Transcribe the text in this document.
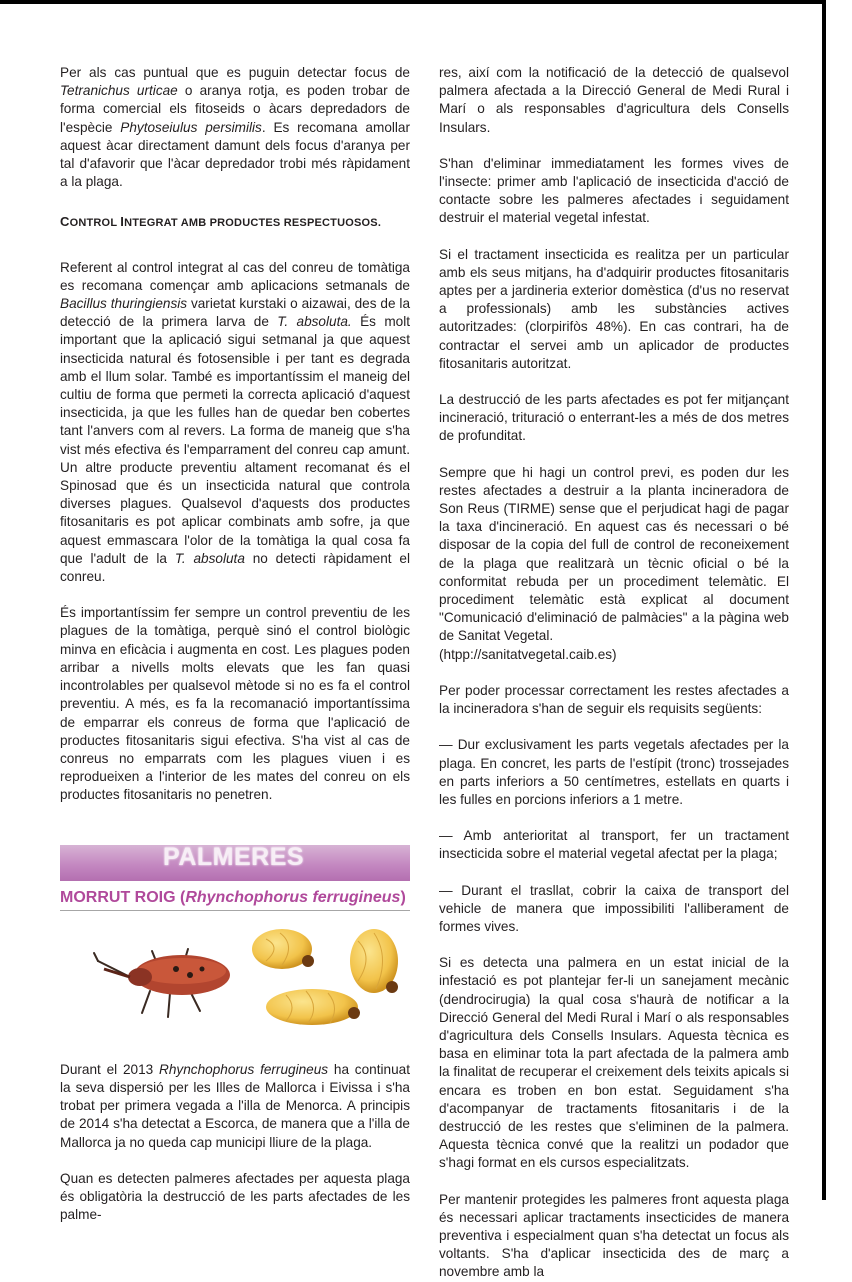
Per als cas puntual que es puguin detectar focus de Tetranichus urticae o aranya rotja, es poden trobar de forma comercial els fitoseids o àcars depredadors de l'espècie Phytoseiulus persimilis. Es recomana amollar aquest àcar directament damunt dels focus d'aranya per tal d'afavorir que l'àcar depredador trobi més ràpidament a la plaga.

CONTROL INTEGRAT AMB PRODUCTES RESPECTUOSOS.

Referent al control integrat al cas del conreu de tomàtiga es recomana començar amb aplicacions setmanals de Bacillus thuringiensis varietat kurstaki o aizawai, des de la detecció de la primera larva de T. absoluta. És molt important que la aplicació sigui setmanal ja que aquest insecticida natural és fotosensible i per tant es degrada amb el llum solar. També es importantíssim el maneig del cultiu de forma que permeti la correcta aplicació d'aquest insecticida, ja que les fulles han de quedar ben cobertes tant l'anvers com al revers. La forma de maneig que s'ha vist més efectiva és l'emparrament del conreu cap amunt. Un altre producte preventiu altament recomanat és el Spinosad que és un insecticida natural que controla diverses plagues. Qualsevol d'aquests dos productes fitosanitaris es pot aplicar combinats amb sofre, ja que aquest emmascara l'olor de la tomàtiga la qual cosa fa que l'adult de la T. absoluta no detecti ràpidament el conreu.

És importantíssim fer sempre un control preventiu de les plagues de la tomàtiga, perquè sinó el control biològic minva en eficàcia i augmenta en cost. Les plagues poden arribar a nivells molts elevats que les fan quasi incontrolables per qualsevol mètode si no es fa el control preventiu. A més, es fa la recomanació importantíssima de emparrar els conreus de forma que l'aplicació de productes fitosanitaris sigui efectiva. S'ha vist al cas de conreus no emparrats com les plagues viuen i es reprodueixen a l'interior de les mates del conreu on els productes fitosanitaris no penetren.

PALMERES
MORRUT ROIG (Rhynchophorus ferrugineus)

Durant el 2013 Rhynchophorus ferrugineus ha continuat la seva dispersió per les Illes de Mallorca i Eivissa i s'ha trobat per primera vegada a l'illa de Menorca. A principis de 2014 s'ha detectat a Escorca, de manera que a l'illa de Mallorca ja no queda cap municipi lliure de la plaga.

Quan es detecten palmeres afectades per aquesta plaga és obligatòria la destrucció de les parts afectades de les palme-

res, així com la notificació de la detecció de qualsevol palmera afectada a la Direcció General de Medi Rural i Marí o als responsables d'agricultura dels Consells Insulars.

S'han d'eliminar immediatament les formes vives de l'insecte: primer amb l'aplicació de insecticida d'acció de contacte sobre les palmeres afectades i seguidament destruir el material vegetal infestat.

Si el tractament insecticida es realitza per un particular amb els seus mitjans, ha d'adquirir productes fitosanitaris aptes per a jardineria exterior domèstica (d'us no reservat a professionals) amb les substàncies actives autoritzades: (clorpirifòs 48%). En cas contrari, ha de contractar el servei amb un aplicador de productes fitosanitaris autoritzat.

La destrucció de les parts afectades es pot fer mitjançant incineració, trituració o enterrant-les a més de dos metres de profunditat.

Sempre que hi hagi un control previ, es poden dur les restes afectades a destruir a la planta incineradora de Son Reus (TIRME) sense que el perjudicat hagi de pagar la taxa d'incineració. En aquest cas és necessari o bé disposar de la copia del full de control de reconeixement de la plaga que realitzarà un tècnic oficial o bé la conformitat rebuda per un procediment telemàtic. El procediment telemàtic està explicat al document "Comunicació d'eliminació de palmàcies" a la pàgina web de Sanitat Vegetal.
(htpp://sanitatvegetal.caib.es)

Per poder processar correctament les restes afectades a la incineradora s'han de seguir els requisits següents:

— Dur exclusivament les parts vegetals afectades per la plaga. En concret, les parts de l'estípit (tronc) trossejades en parts inferiors a 50 centímetres, estellats en quarts i les fulles en porcions inferiors a 1 metre.

— Amb anterioritat al transport, fer un tractament insecticida sobre el material vegetal afectat per la plaga;

— Durant el trasllat, cobrir la caixa de transport del vehicle de manera que impossibiliti l'alliberament de formes vives.

Si es detecta una palmera en un estat inicial de la infestació es pot plantejar fer-li un sanejament mecànic (dendrocirugia) la qual cosa s'haurà de notificar a la Direcció General del Medi Rural i Marí o als responsables d'agricultura dels Consells Insulars. Aquesta tècnica es basa en eliminar tota la part afectada de la palmera amb la finalitat de recuperar el creixement dels teixits apicals si encara es troben en bon estat. Seguidament s'ha d'acompanyar de tractaments fitosanitaris i de la destrucció de les restes que s'eliminen de la palmera. Aquesta tècnica convé que la realitzi un podador que s'hagi format en els cursos especialitzats.

Per mantenir protegides les palmeres front aquesta plaga és necessari aplicar tractaments insecticides de manera preventiva i especialment quan s'ha detectat un focus als voltants. S'ha d'aplicar insecticida des de març a novembre amb la
